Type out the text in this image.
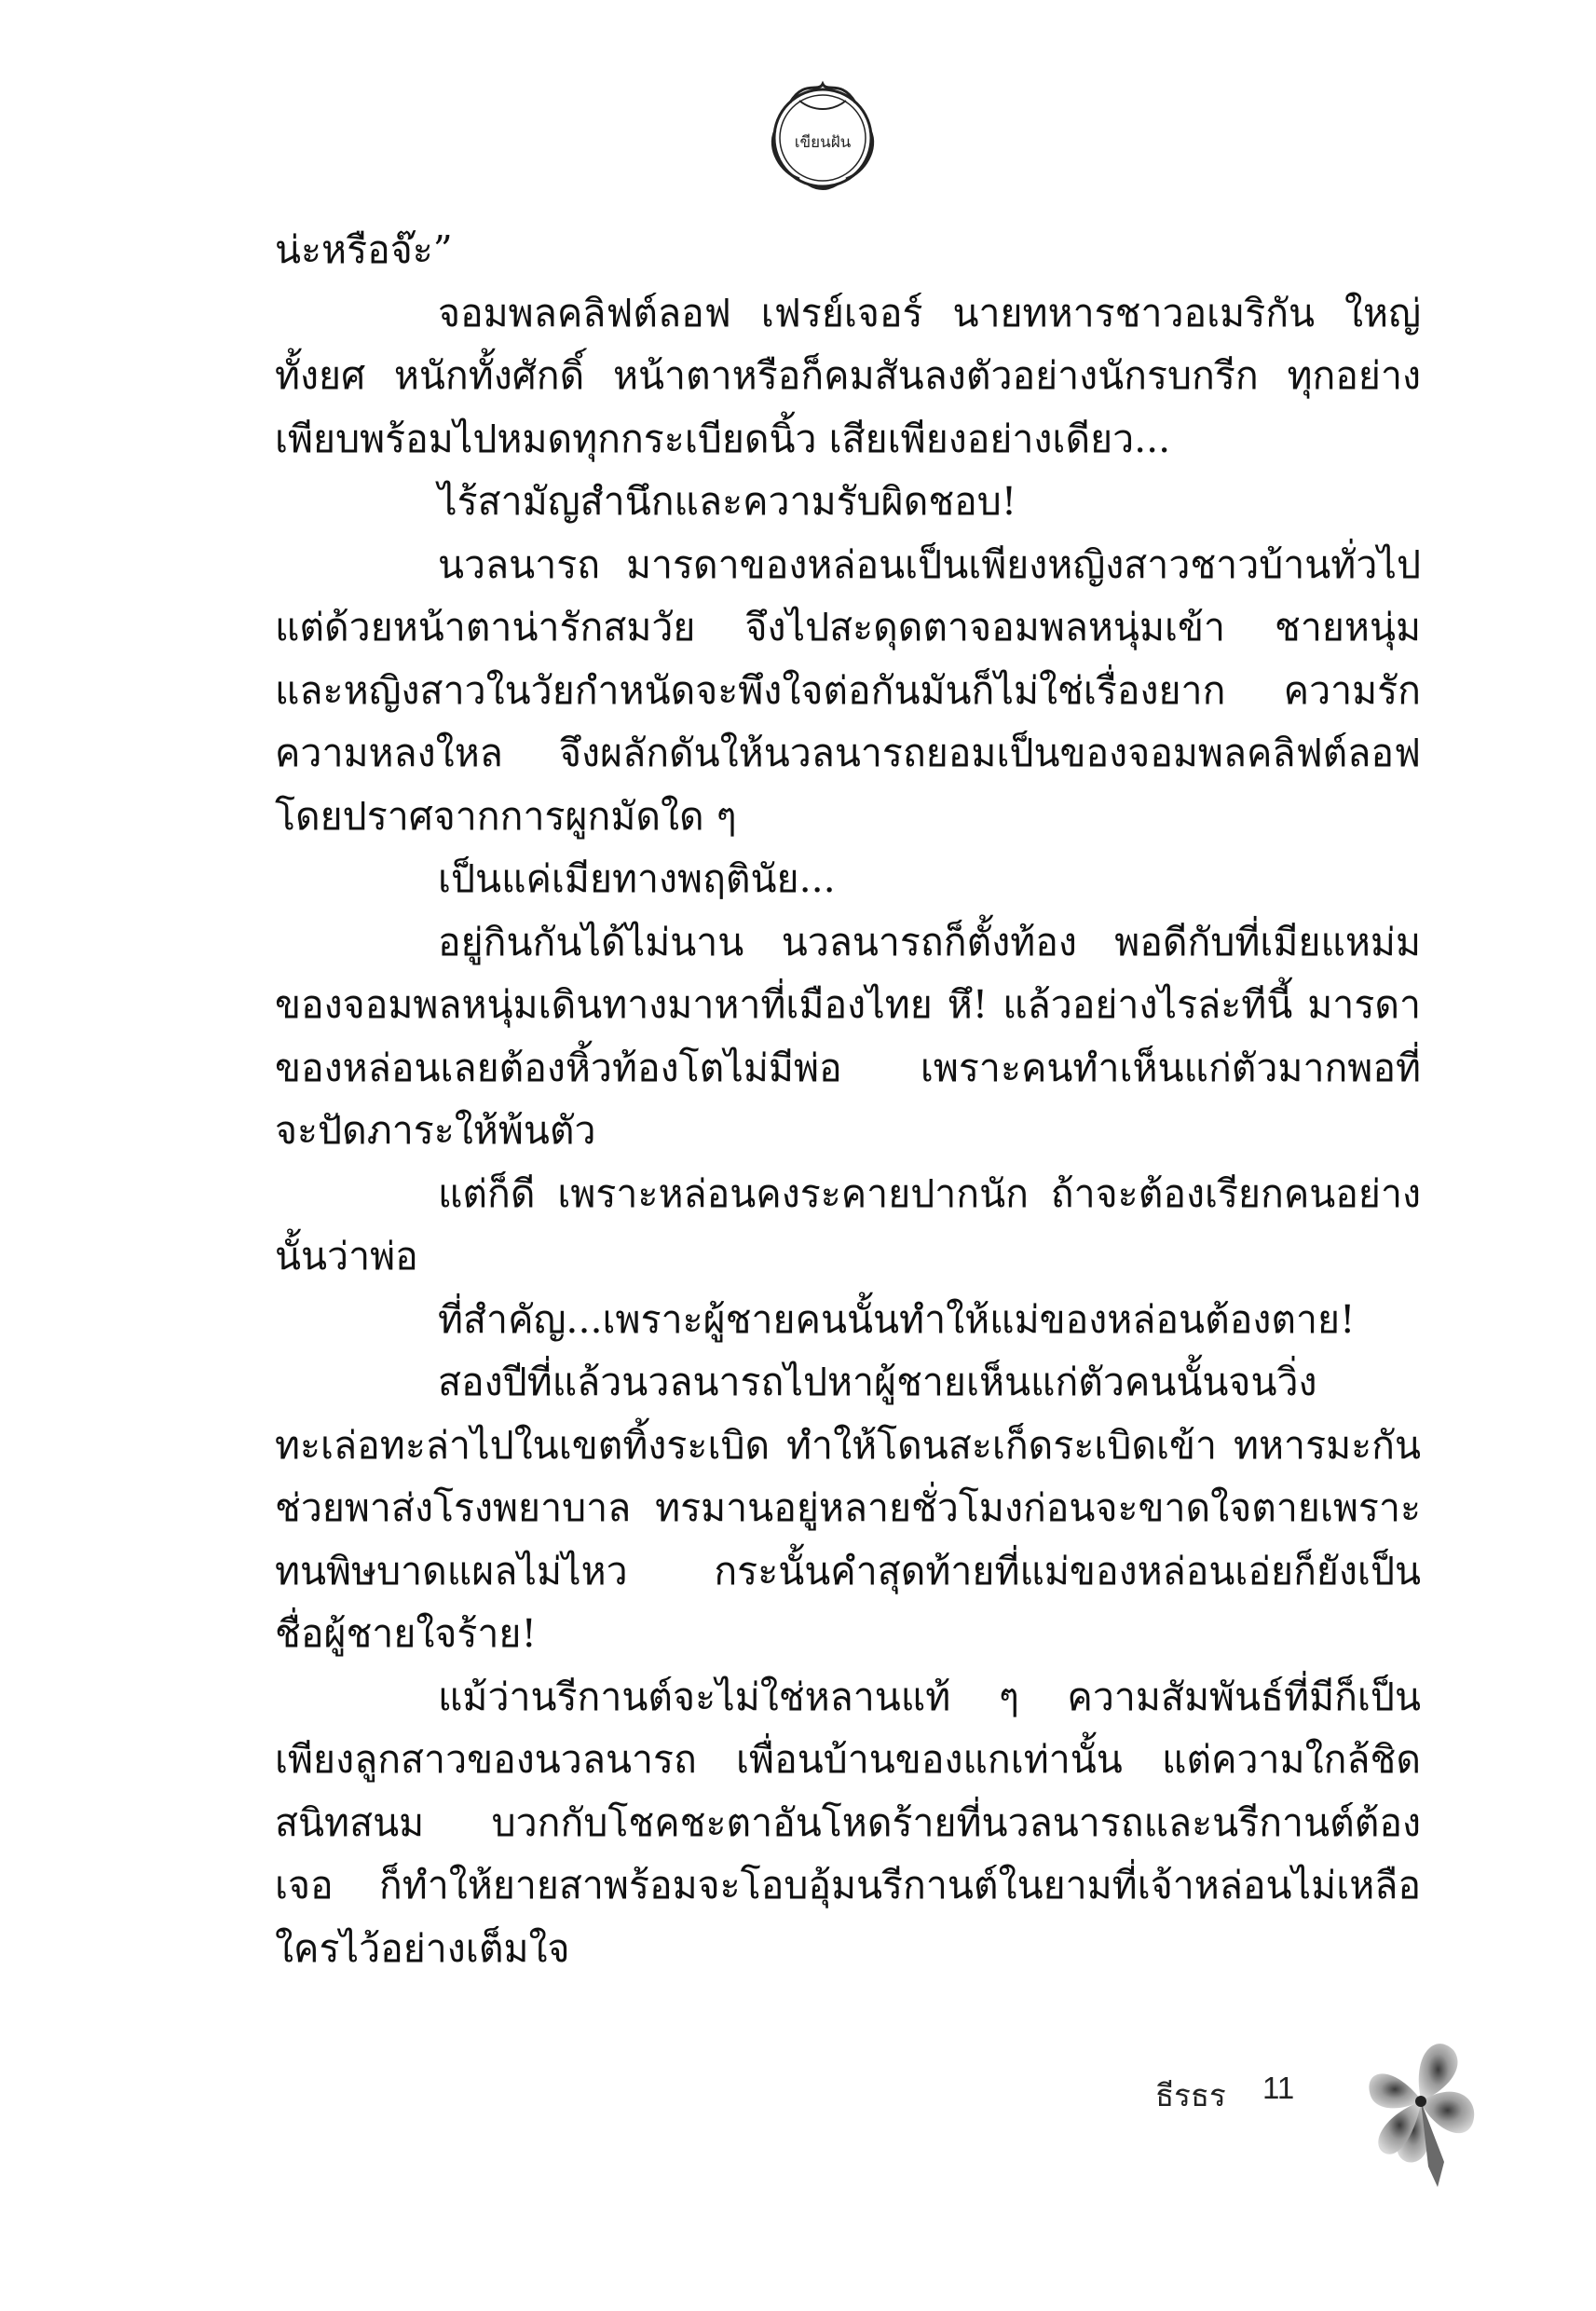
เขียนฝัน
น่ะหรือจ๊ะ”
จอมพลคลิฟต์ลอฟ เฟรย์เจอร์ นายทหารชาวอเมริกัน ใหญ่
ทั้งยศ หนักทั้งศักดิ์ หน้าตาหรือก็คมสันลงตัวอย่างนักรบกรีก ทุกอย่าง
เพียบพร้อมไปหมดทุกกระเบียดนิ้ว เสียเพียงอย่างเดียว...
ไร้สามัญสำนึกและความรับผิดชอบ!
นวลนารถ มารดาของหล่อนเป็นเพียงหญิงสาวชาวบ้านทั่วไป
แต่ด้วยหน้าตาน่ารักสมวัย จึงไปสะดุดตาจอมพลหนุ่มเข้า ชายหนุ่ม
และหญิงสาวในวัยกำหนัดจะพึงใจต่อกันมันก็ไม่ใช่เรื่องยาก ความรัก
ความหลงใหล จึงผลักดันให้นวลนารถยอมเป็นของจอมพลคลิฟต์ลอฟ
โดยปราศจากการผูกมัดใด ๆ
เป็นแค่เมียทางพฤตินัย...
อยู่กินกันได้ไม่นาน นวลนารถก็ตั้งท้อง พอดีกับที่เมียแหม่ม
ของจอมพลหนุ่มเดินทางมาหาที่เมืองไทย หึ! แล้วอย่างไรล่ะทีนี้ มารดา
ของหล่อนเลยต้องหิ้วท้องโตไม่มีพ่อ เพราะคนทำเห็นแก่ตัวมากพอที่
จะปัดภาระให้พ้นตัว
แต่ก็ดี เพราะหล่อนคงระคายปากนัก ถ้าจะต้องเรียกคนอย่าง
นั้นว่าพ่อ
ที่สำคัญ...เพราะผู้ชายคนนั้นทำให้แม่ของหล่อนต้องตาย!
สองปีที่แล้วนวลนารถไปหาผู้ชายเห็นแก่ตัวคนนั้นจนวิ่ง
ทะเล่อทะล่าไปในเขตทิ้งระเบิด ทำให้โดนสะเก็ดระเบิดเข้า ทหารมะกัน
ช่วยพาส่งโรงพยาบาล ทรมานอยู่หลายชั่วโมงก่อนจะขาดใจตายเพราะ
ทนพิษบาดแผลไม่ไหว กระนั้นคำสุดท้ายที่แม่ของหล่อนเอ่ยก็ยังเป็น
ชื่อผู้ชายใจร้าย!
แม้ว่านรีกานต์จะไม่ใช่หลานแท้ ๆ ความสัมพันธ์ที่มีก็เป็น
เพียงลูกสาวของนวลนารถ เพื่อนบ้านของแกเท่านั้น แต่ความใกล้ชิด
สนิทสนม บวกกับโชคชะตาอันโหดร้ายที่นวลนารถและนรีกานต์ต้อง
เจอ ก็ทำให้ยายสาพร้อมจะโอบอุ้มนรีกานต์ในยามที่เจ้าหล่อนไม่เหลือ
ใครไว้อย่างเต็มใจ
ธีรธร 11
